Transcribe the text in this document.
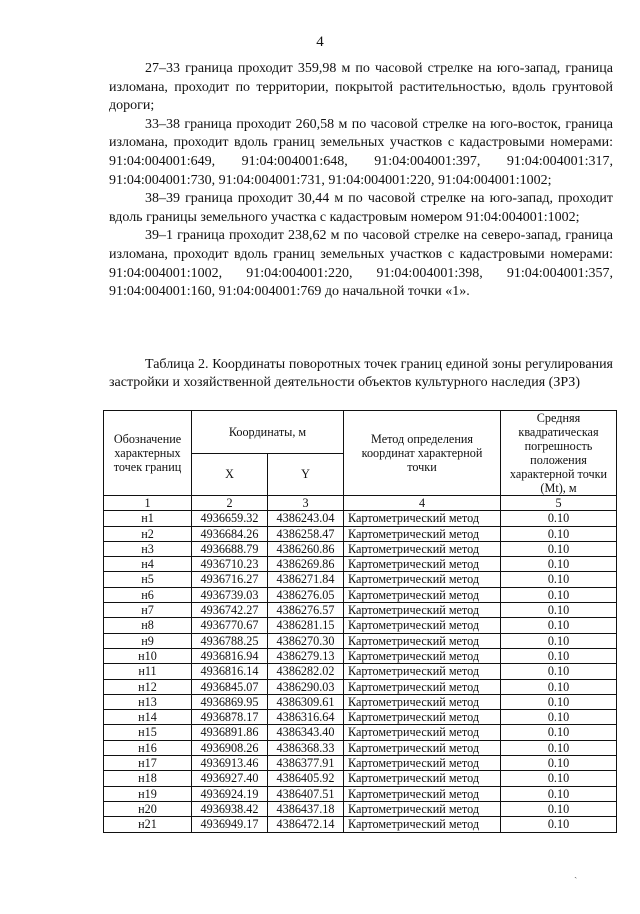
4

27–33 граница проходит 359,98 м по часовой стрелке на юго-запад, граница изломана, проходит по территории, покрытой растительностью, вдоль грунтовой дороги;

33–38 граница проходит 260,58 м по часовой стрелке на юго-восток, граница изломана, проходит вдоль границ земельных участков с кадастровыми номерами: 91:04:004001:649, 91:04:004001:648, 91:04:004001:397, 91:04:004001:317, 91:04:004001:730, 91:04:004001:731, 91:04:004001:220, 91:04:004001:1002;

38–39 граница проходит 30,44 м по часовой стрелке на юго-запад, проходит вдоль границы земельного участка с кадастровым номером 91:04:004001:1002;

39–1 граница проходит 238,62 м по часовой стрелке на северо-запад, граница изломана, проходит вдоль границ земельных участков с кадастровыми номерами: 91:04:004001:1002, 91:04:004001:220, 91:04:004001:398, 91:04:004001:357, 91:04:004001:160, 91:04:004001:769 до начальной точки «1».

Таблица 2. Координаты поворотных точек границ единой зоны регулирования застройки и хозяйственной деятельности объектов культурного наследия (ЗРЗ)
Обозначение характерных точек границ	Координаты, м		Метод определения координат характерной точки	Средняя квадратическая погрешность положения характерной точки (Mt), м
	X	Y		
1	2	3	4	5
н1	4936659.32	4386243.04	Картометрический метод	0.10
н2	4936684.26	4386258.47	Картометрический метод	0.10
н3	4936688.79	4386260.86	Картометрический метод	0.10
н4	4936710.23	4386269.86	Картометрический метод	0.10
н5	4936716.27	4386271.84	Картометрический метод	0.10
н6	4936739.03	4386276.05	Картометрический метод	0.10
н7	4936742.27	4386276.57	Картометрический метод	0.10
н8	4936770.67	4386281.15	Картометрический метод	0.10
н9	4936788.25	4386270.30	Картометрический метод	0.10
н10	4936816.94	4386279.13	Картометрический метод	0.10
н11	4936816.14	4386282.02	Картометрический метод	0.10
н12	4936845.07	4386290.03	Картометрический метод	0.10
н13	4936869.95	4386309.61	Картометрический метод	0.10
н14	4936878.17	4386316.64	Картометрический метод	0.10
н15	4936891.86	4386343.40	Картометрический метод	0.10
н16	4936908.26	4386368.33	Картометрический метод	0.10
н17	4936913.46	4386377.91	Картометрический метод	0.10
н18	4936927.40	4386405.92	Картометрический метод	0.10
н19	4936924.19	4386407.51	Картометрический метод	0.10
н20	4936938.42	4386437.18	Картометрический метод	0.10
н21	4936949.17	4386472.14	Картометрический метод	0.10
ˎ
